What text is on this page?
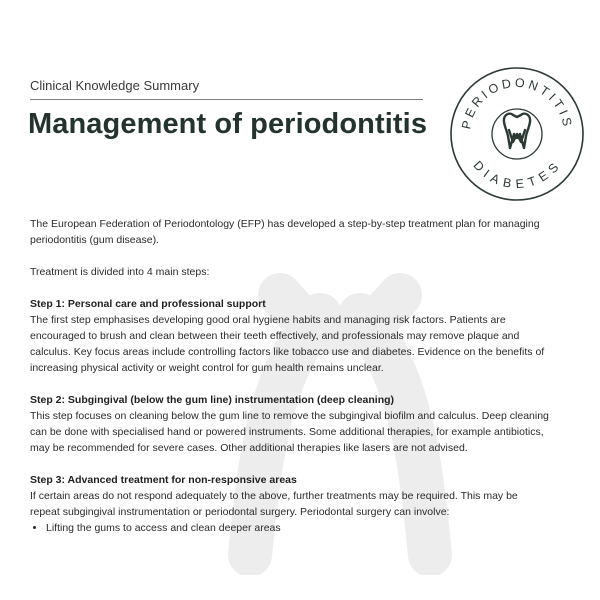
Clinical Knowledge Summary
Management of periodontitis	PERIODONTITIS
DIABETES

The European Federation of Periodontology (EFP) has developed a step-by-step treatment plan for managing periodontitis (gum disease).

Treatment is divided into 4 main steps:

Step 1: Personal care and professional support

The first step emphasises developing good oral hygiene habits and managing risk factors. Patients are encouraged to brush and clean between their teeth effectively, and professionals may remove plaque and calculus. Key focus areas include controlling factors like tobacco use and diabetes. Evidence on the benefits of increasing physical activity or weight control for gum health remains unclear.

Step 2: Subgingival (below the gum line) instrumentation (deep cleaning)

This step focuses on cleaning below the gum line to remove the subgingival biofilm and calculus. Deep cleaning can be done with specialised hand or powered instruments. Some additional therapies, for example antibiotics, may be recommended for severe cases. Other additional therapies like lasers are not advised.

Step 3: Advanced treatment for non-responsive areas

If certain areas do not respond adequately to the above, further treatments may be required. This may be repeat subgingival instrumentation or periodontal surgery. Periodontal surgery can involve:

• Lifting the gums to access and clean deeper areas
